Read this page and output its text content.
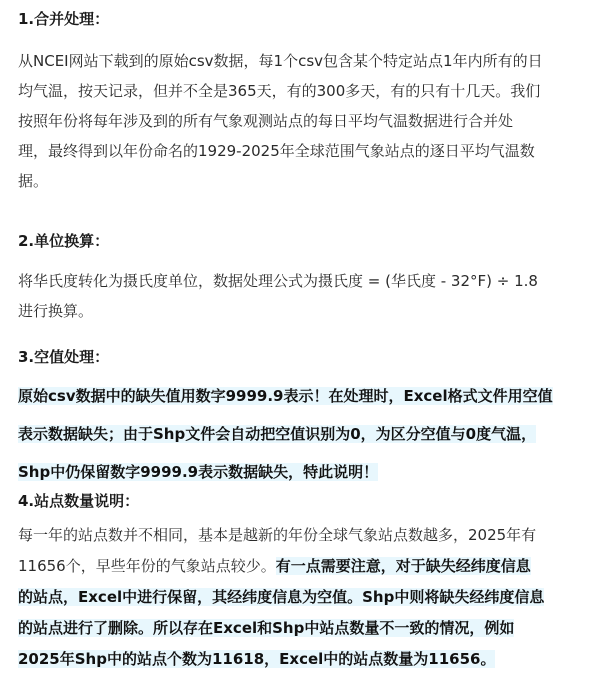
1.合并处理：
从NCEI网站下载到的原始csv数据，每1个csv包含某个特定站点1年内所有的日
均气温，按天记录，但并不全是365天，有的300多天，有的只有十几天。我们
按照年份将每年涉及到的所有气象观测站点的每日平均气温数据进行合并处
理，最终得到以年份命名的1929-2025年全球范围气象站点的逐日平均气温数
据。
2.单位换算：
将华氏度转化为摄氏度单位，数据处理公式为摄氏度 = (华氏度 - 32°F) ÷ 1.8
进行换算。
3.空值处理：
原始csv数据中的缺失值用数字9999.9表示！在处理时，Excel格式文件用空值
表示数据缺失；由于Shp文件会自动把空值识别为0，为区分空值与0度气温，
Shp中仍保留数字9999.9表示数据缺失，特此说明！
4.站点数量说明：
每一年的站点数并不相同，基本是越新的年份全球气象站点数越多，2025年有
11656个，早些年份的气象站点较少。有一点需要注意，对于缺失经纬度信息
的站点，Excel中进行保留，其经纬度信息为空值。Shp中则将缺失经纬度信息
的站点进行了删除。所以存在Excel和Shp中站点数量不一致的情况，例如
2025年Shp中的站点个数为11618，Excel中的站点数量为11656。
